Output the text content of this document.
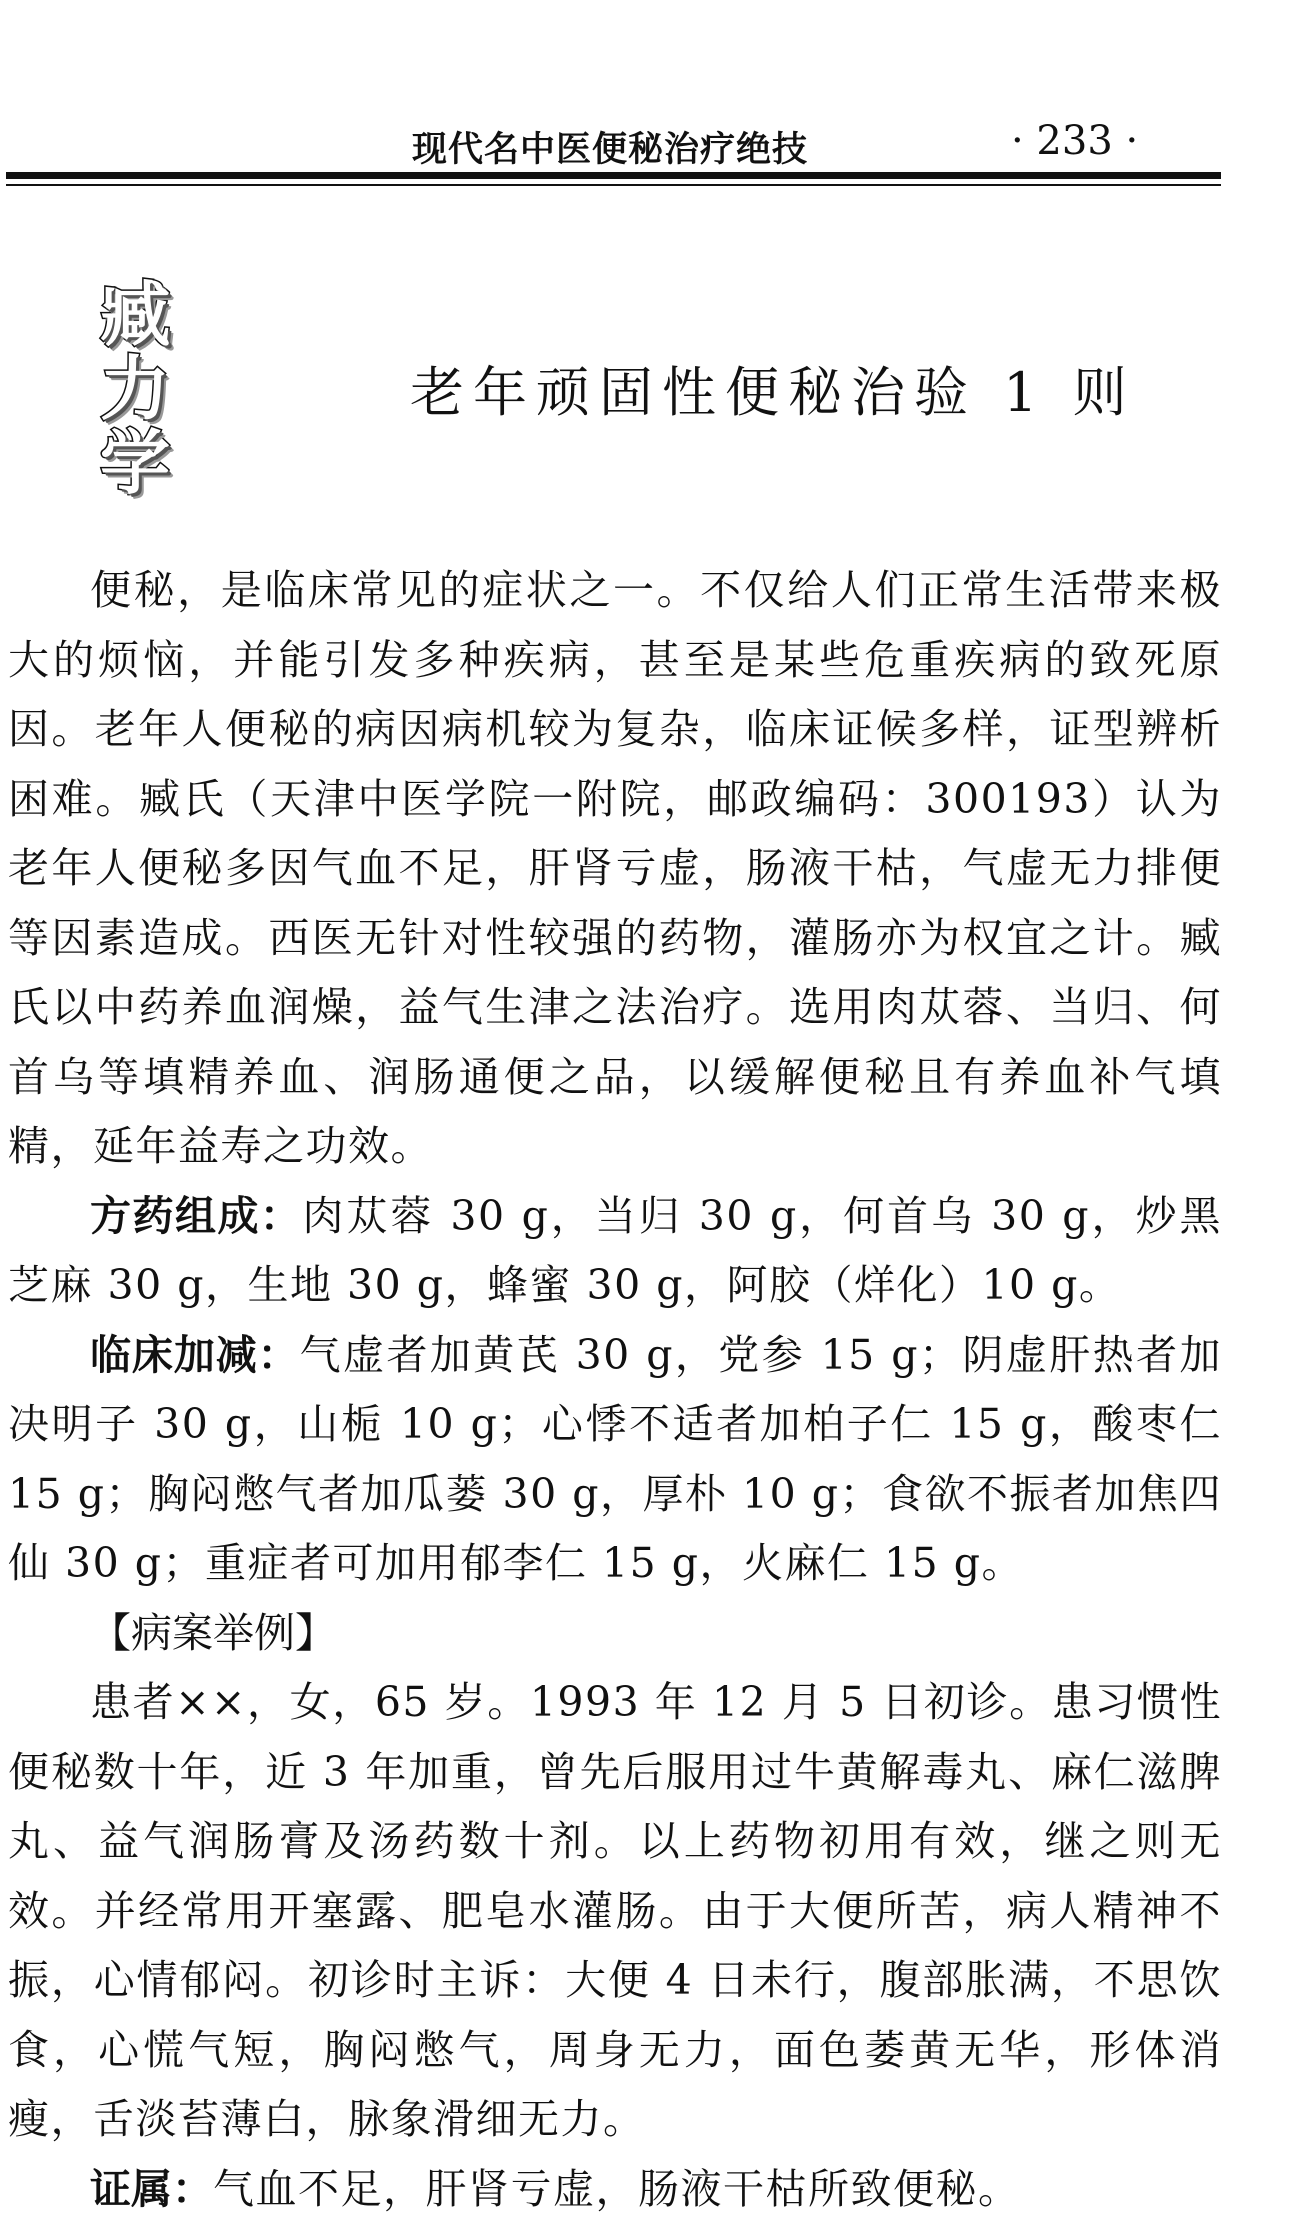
现代名中医便秘治疗绝技	· 233 ·
臧力学
老年顽固性便秘治验 1 则

便秘，是临床常见的症状之一。不仅给人们正常生活带来极大的烦恼，并能引发多种疾病，甚至是某些危重疾病的致死原因。老年人便秘的病因病机较为复杂，临床证候多样，证型辨析困难。臧氏（天津中医学院一附院，邮政编码：300193）认为老年人便秘多因气血不足，肝肾亏虚，肠液干枯，气虚无力排便等因素造成。西医无针对性较强的药物，灌肠亦为权宜之计。臧氏以中药养血润燥，益气生津之法治疗。选用肉苁蓉、当归、何首乌等填精养血、润肠通便之品，以缓解便秘且有养血补气填精，延年益寿之功效。

方药组成：肉苁蓉 30 g，当归 30 g，何首乌 30 g，炒黑芝麻 30 g，生地 30 g，蜂蜜 30 g，阿胶（烊化）10 g。

临床加减：气虚者加黄芪 30 g，党参 15 g；阴虚肝热者加决明子 30 g，山栀 10 g；心悸不适者加柏子仁 15 g，酸枣仁 15 g；胸闷憋气者加瓜蒌 30 g，厚朴 10 g；食欲不振者加焦四仙 30 g；重症者可加用郁李仁 15 g，火麻仁 15 g。

【病案举例】

患者××，女，65 岁。1993 年 12 月 5 日初诊。患习惯性便秘数十年，近 3 年加重，曾先后服用过牛黄解毒丸、麻仁滋脾丸、益气润肠膏及汤药数十剂。以上药物初用有效，继之则无效。并经常用开塞露、肥皂水灌肠。由于大便所苦，病人精神不振，心情郁闷。初诊时主诉：大便 4 日未行，腹部胀满，不思饮食，心慌气短，胸闷憋气，周身无力，面色萎黄无华，形体消瘦，舌淡苔薄白，脉象滑细无力。

证属：气血不足，肝肾亏虚，肠液干枯所致便秘。
